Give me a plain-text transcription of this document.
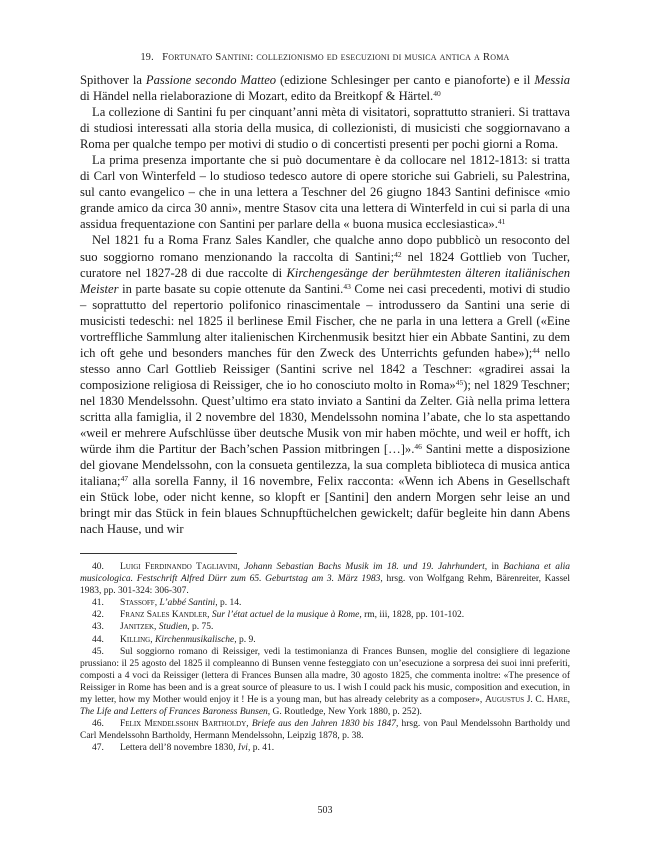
19. Fortunato Santini: collezionismo ed esecuzioni di musica antica a Roma

Spithover la Passione secondo Matteo (edizione Schlesinger per canto e pianoforte) e il Messia di Händel nella rielaborazione di Mozart, edito da Breitkopf & Härtel.$^{40}$

La collezione di Santini fu per cinquant’anni mèta di visitatori, soprattutto stranieri. Si trattava di studiosi interessati alla storia della musica, di collezionisti, di musicisti che soggiornavano a Roma per qualche tempo per motivi di studio o di concertisti presenti per pochi giorni a Roma.

La prima presenza importante che si può documentare è da collocare nel 1812-1813: si tratta di Carl von Winterfeld – lo studioso tedesco autore di opere storiche sui Gabrieli, su Palestrina, sul canto evangelico – che in una lettera a Teschner del 26 giugno 1843 Santini definisce «mio grande amico da circa 30 anni», mentre Stasov cita una lettera di Winterfeld in cui si parla di una assidua frequentazione con Santini per parlare della « buona musica ecclesiastica».$^{41}$

Nel 1821 fu a Roma Franz Sales Kandler, che qualche anno dopo pubblicò un resoconto del suo soggiorno romano menzionando la raccolta di Santini;$^{42}$ nel 1824 Gottlieb von Tucher, curatore nel 1827-28 di due raccolte di Kirchengesänge der berühmtesten älteren italiänischen Meister in parte basate su copie ottenute da Santini.$^{43}$ Come nei casi precedenti, motivi di studio – soprattutto del repertorio polifonico rinascimentale – introdussero da Santini una serie di musicisti tedeschi: nel 1825 il berlinese Emil Fischer, che ne parla in una lettera a Grell («Eine vortreffliche Sammlung alter italienischen Kirchenmusik besitzt hier ein Abbate Santini, zu dem ich oft gehe und besonders manches für den Zweck des Unterrichts gefunden habe»);$^{44}$ nello stesso anno Carl Gottlieb Reissiger (Santini scrive nel 1842 a Teschner: «gradirei assai la composizione religiosa di Reissiger, che io ho conosciuto molto in Roma»$^{45}$); nel 1829 Teschner; nel 1830 Mendelssohn. Quest’ultimo era stato inviato a Santini da Zelter. Già nella prima lettera scritta alla famiglia, il 2 novembre del 1830, Mendelssohn nomina l’abate, che lo sta aspettando «weil er mehrere Aufschlüsse über deutsche Musik von mir haben möchte, und weil er hofft, ich würde ihm die Partitur der Bach’schen Passion mitbringen […]».$^{46}$ Santini mette a disposizione del giovane Mendelssohn, con la consueta gentilezza, la sua completa biblioteca di musica antica italiana;$^{47}$ alla sorella Fanny, il 16 novembre, Felix racconta: «Wenn ich Abens in Gesellschaft ein Stück lobe, oder nicht kenne, so klopft er [Santini] den andern Morgen sehr leise an und bringt mir das Stück in fein blaues Schnupftüchelchen gewickelt; dafür begleite hin dann Abens nach Hause, und wir

40. Luigi Ferdinando Tagliavini, Johann Sebastian Bachs Musik im 18. und 19. Jahrhundert, in Bachiana et alia musicologica. Festschrift Alfred Dürr zum 65. Geburtstag am 3. März 1983, hrsg. von Wolfgang Rehm, Bärenreiter, Kassel 1983, pp. 301-324: 306-307.

41. Stassoff, L’abbé Santini, p. 14.

42. Franz Sales Kandler, Sur l’état actuel de la musique à Rome, rm, iii, 1828, pp. 101-102.

43. Janitzek, Studien, p. 75.

44. Killing, Kirchenmusikalische, p. 9.

45. Sul soggiorno romano di Reissiger, vedi la testimonianza di Frances Bunsen, moglie del consigliere di legazione prussiano: il 25 agosto del 1825 il compleanno di Bunsen venne festeggiato con un’esecuzione a sorpresa dei suoi inni preferiti, composti a 4 voci da Reissiger (lettera di Frances Bunsen alla madre, 30 agosto 1825, che commenta inoltre: «The presence of Reissiger in Rome has been and is a great source of pleasure to us. I wish I could pack his music, composition and execution, in my letter, how my Mother would enjoy it ! He is a young man, but has already celebrity as a composer», Augustus J. C. Hare, The Life and Letters of Frances Baroness Bunsen, G. Routledge, New York 1880, p. 252).

46. Felix Mendelssohn Bartholdy, Briefe aus den Jahren 1830 bis 1847, hrsg. von Paul Mendelssohn Bartholdy und Carl Mendelssohn Bartholdy, Hermann Mendelssohn, Leipzig 1878, p. 38.

47. Lettera dell’8 novembre 1830, Ivi, p. 41.

503
